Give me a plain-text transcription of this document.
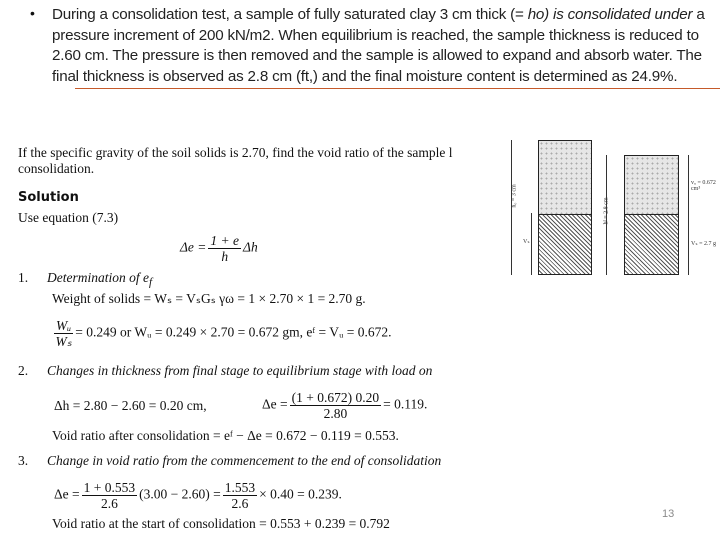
• During a consolidation test, a sample of fully saturated clay 3 cm thick (= ho) is consolidated under a pressure increment of 200 kN/m2. When equilibrium is reached, the sample thickness is reduced to 2.60 cm. The pressure is then removed and the sample is allowed to expand and absorb water. The final thickness is observed as 2.8 cm (ft,) and the final moisture content is determined as 24.9%.
If the specific gravity of the soil solids is 2.70, find the void ratio of the sample l
consolidation.
Solution
Use equation (7.3)
$\Delta e = \frac{1 + e}{h}$ Δh
1. Determination of $e_f$
Weight of solids = Wₛ = VₛGₛ γω = 1 × 2.70 × 1 = 2.70 g.
$\frac{\text{Wᵤ}}{\text{Wₛ}} = 0.249$ or Wᵤ = 0.249 × 2.70 = 0.672 gm, eᶠ = Vᵤ = 0.672.
2. Changes in thickness from final stage to equilibrium stage with load on
Δh = 2.80 − 2.60 = 0.20 cm,	$\Delta e = \frac{(1 + 0.672) 0.20}{2.80} = 0.119$.
Void ratio after consolidation = eᶠ − Δe = 0.672 − 0.119 = 0.553.
3. Change in void ratio from the commencement to the end of consolidation
$\Delta e = \frac{1 + 0.553}{2.6} (3.00 - 2.60) = \frac{1.553}{2.6} \times 0.40 = 0.239$.
Void ratio at the start of consolidation = 0.553 + 0.239 = 0.792
h₀ = 3 cm
Vₛ
hᶠ = 2.8 cm
vᵤ = 0.672 cm³
Vₛ = 2.7 g
13
